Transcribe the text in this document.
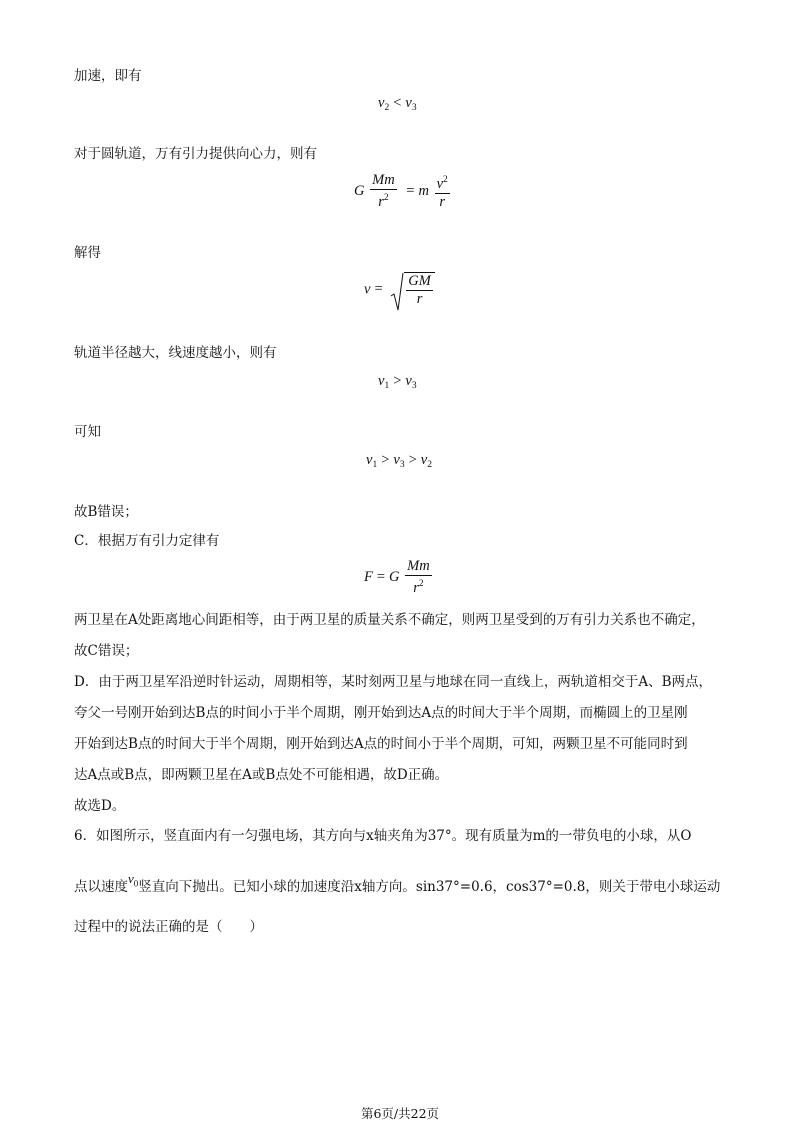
加速，即有
$v_2 < v_3$
对于圆轨道，万有引力提供向心力，则有
G $\frac{Mm}{r^2} = m \frac{v^2}{r}$
解得
$v = \frac{GM}{r}$
轨道半径越大，线速度越小，则有
$v_1 > v_3$
可知
$v_1 > v_3 > v_2$
故B错误；
C．根据万有引力定律有
F = G $\frac{Mm}{r^2}$
两卫星在A处距离地心间距相等，由于两卫星的质量关系不确定，则两卫星受到的万有引力关系也不确定，
故C错误；
D．由于两卫星军沿逆时针运动，周期相等，某时刻两卫星与地球在同一直线上，两轨道相交于A、B两点，
夸父一号刚开始到达B点的时间小于半个周期，刚开始到达A点的时间大于半个周期，而椭圆上的卫星刚
开始到达B点的时间大于半个周期，刚开始到达A点的时间小于半个周期，可知，两颗卫星不可能同时到
达A点或B点，即两颗卫星在A或B点处不可能相遇，故D正确。
故选D。
6．如图所示，竖直面内有一匀强电场，其方向与x轴夹角为37°。现有质量为m的一带负电的小球，从O
点以速度$v_0$竖直向下抛出。已知小球的加速度沿x轴方向。sin37°=0.6，cos37°=0.8，则关于带电小球运动
过程中的说法正确的是（　　）
第6页/共22页
